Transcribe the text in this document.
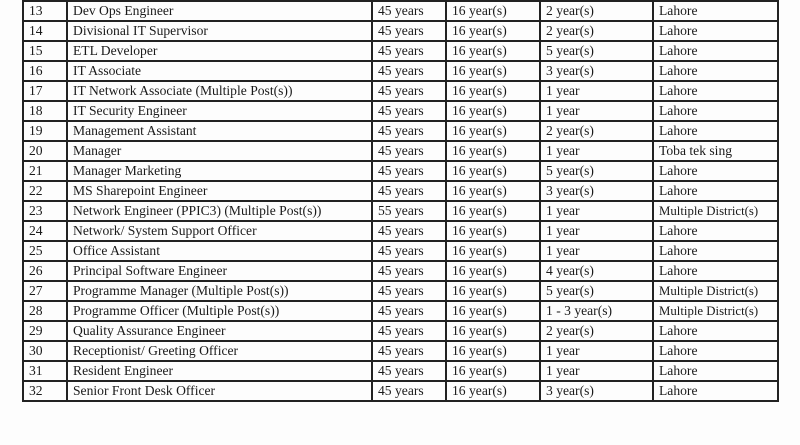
13	Dev Ops Engineer	45 years	16 year(s)	2 year(s)	Lahore
14	Divisional IT Supervisor	45 years	16 year(s)	2 year(s)	Lahore
15	ETL Developer	45 years	16 year(s)	5 year(s)	Lahore
16	IT Associate	45 years	16 year(s)	3 year(s)	Lahore
17	IT Network Associate (Multiple Post(s))	45 years	16 year(s)	1 year	Lahore
18	IT Security Engineer	45 years	16 year(s)	1 year	Lahore
19	Management Assistant	45 years	16 year(s)	2 year(s)	Lahore
20	Manager	45 years	16 year(s)	1 year	Toba tek sing
21	Manager Marketing	45 years	16 year(s)	5 year(s)	Lahore
22	MS Sharepoint Engineer	45 years	16 year(s)	3 year(s)	Lahore
23	Network Engineer (PPIC3) (Multiple Post(s))	55 years	16 year(s)	1 year	Multiple District(s)
24	Network/ System Support Officer	45 years	16 year(s)	1 year	Lahore
25	Office Assistant	45 years	16 year(s)	1 year	Lahore
26	Principal Software Engineer	45 years	16 year(s)	4 year(s)	Lahore
27	Programme Manager (Multiple Post(s))	45 years	16 year(s)	5 year(s)	Multiple District(s)
28	Programme Officer (Multiple Post(s))	45 years	16 year(s)	1 - 3 year(s)	Multiple District(s)
29	Quality Assurance Engineer	45 years	16 year(s)	2 year(s)	Lahore
30	Receptionist/ Greeting Officer	45 years	16 year(s)	1 year	Lahore
31	Resident Engineer	45 years	16 year(s)	1 year	Lahore
32	Senior Front Desk Officer	45 years	16 year(s)	3 year(s)	Lahore
